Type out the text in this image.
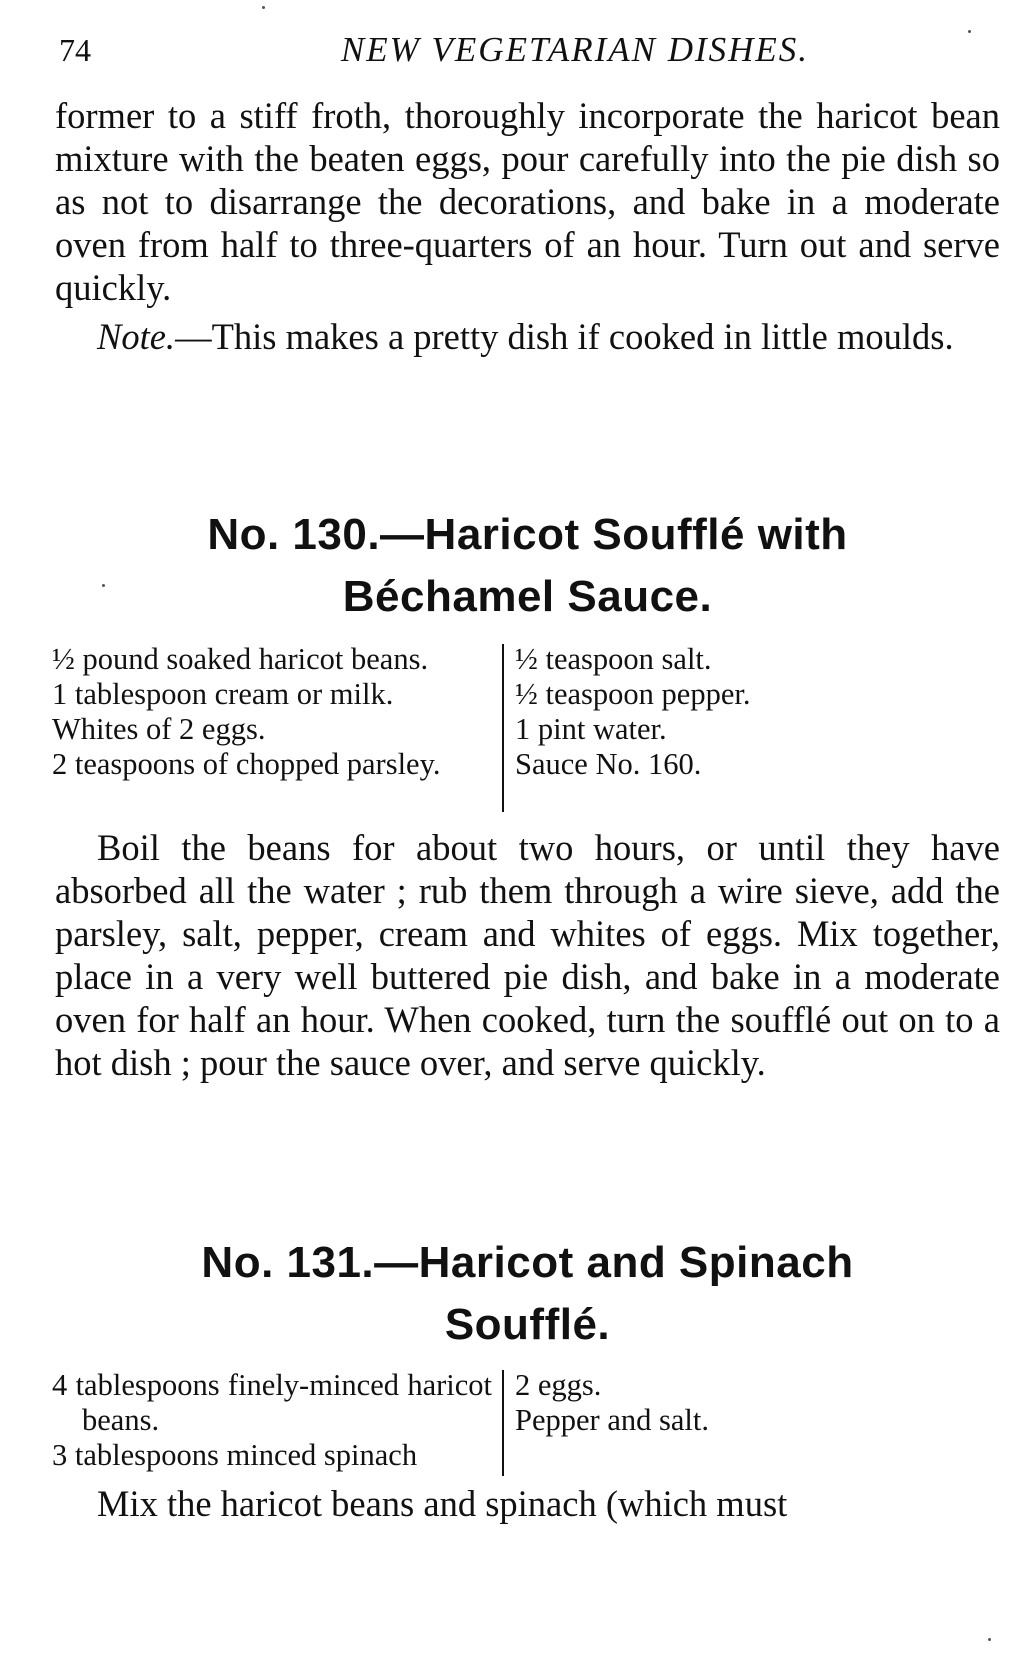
74	NEW VEGETARIAN DISHES.

former to a stiff froth, thoroughly incorporate the haricot bean mixture with the beaten eggs, pour carefully into the pie dish so as not to disarrange the decorations, and bake in a moderate oven from half to three-quarters of an hour. Turn out and serve quickly.

Note.—This makes a pretty dish if cooked in little moulds.

No. 130.—Haricot Soufflé with
Béchamel Sauce.
½ pound soaked haricot beans.
1 tablespoon cream or milk.
Whites of 2 eggs.
2 teaspoons of chopped parsley.
½ teaspoon salt.
½ teaspoon pepper.
1 pint water.
Sauce No. 160.

Boil the beans for about two hours, or until they have absorbed all the water ; rub them through a wire sieve, add the parsley, salt, pepper, cream and whites of eggs. Mix together, place in a very well buttered pie dish, and bake in a moderate oven for half an hour. When cooked, turn the soufflé out on to a hot dish ; pour the sauce over, and serve quickly.

No. 131.—Haricot and Spinach
Soufflé.
4 tablespoons finely-minced haricot beans.
3 tablespoons minced spinach
2 eggs.
Pepper and salt.

Mix the haricot beans and spinach (which must
